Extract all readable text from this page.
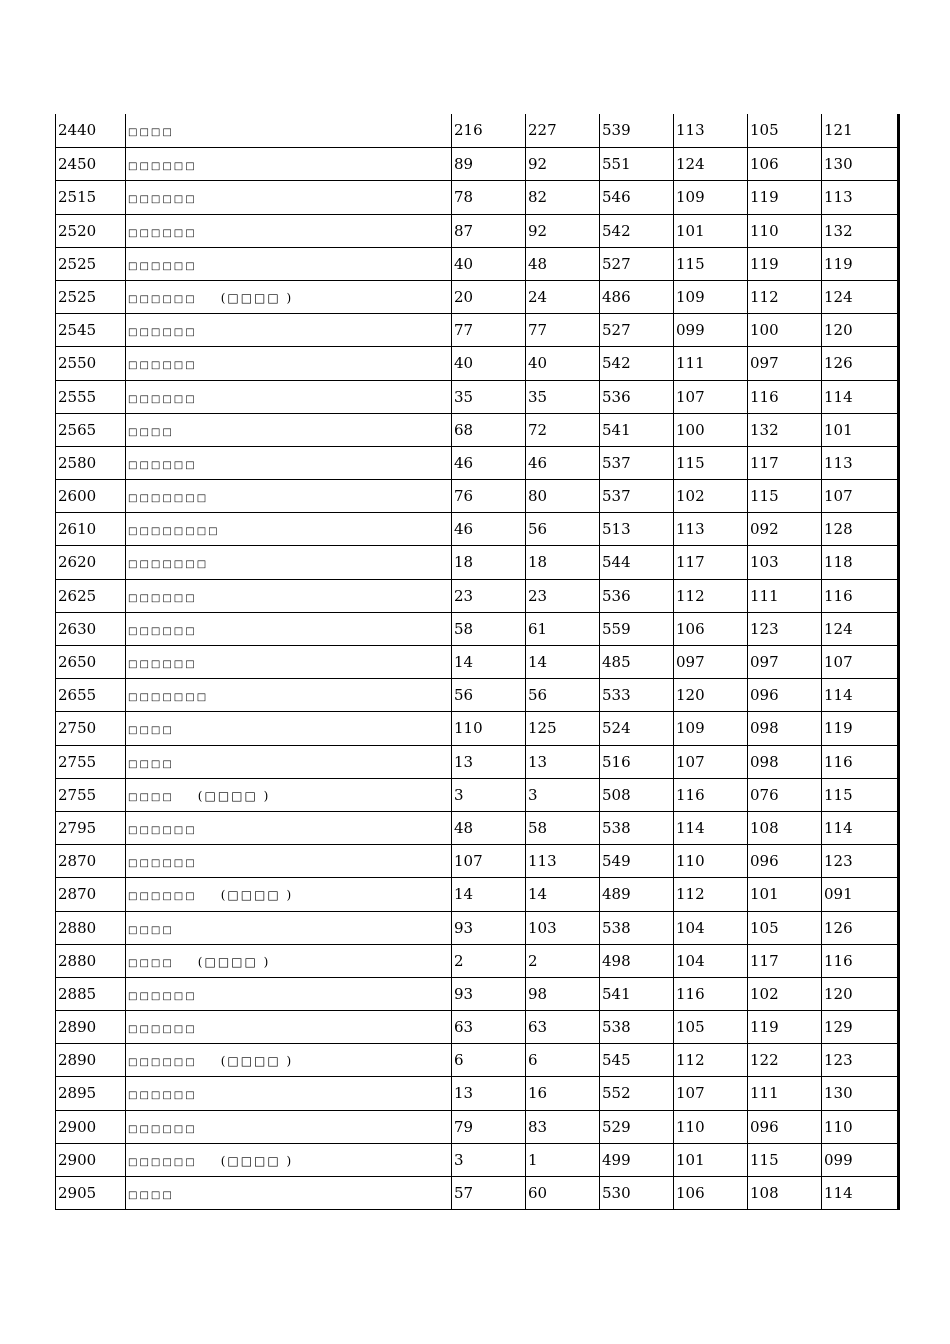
2440	□□□□	216	227	539	113	105	121
2450	□□□□□□	89	92	551	124	106	130
2515	□□□□□□	78	82	546	109	119	113
2520	□□□□□□	87	92	542	101	110	132
2525	□□□□□□	40	48	527	115	119	119
2525	□□□□□□ (□□□□ )	20	24	486	109	112	124
2545	□□□□□□	77	77	527	099	100	120
2550	□□□□□□	40	40	542	111	097	126
2555	□□□□□□	35	35	536	107	116	114
2565	□□□□	68	72	541	100	132	101
2580	□□□□□□	46	46	537	115	117	113
2600	□□□□□□□	76	80	537	102	115	107
2610	□□□□□□□□	46	56	513	113	092	128
2620	□□□□□□□	18	18	544	117	103	118
2625	□□□□□□	23	23	536	112	111	116
2630	□□□□□□	58	61	559	106	123	124
2650	□□□□□□	14	14	485	097	097	107
2655	□□□□□□□	56	56	533	120	096	114
2750	□□□□	110	125	524	109	098	119
2755	□□□□	13	13	516	107	098	116
2755	□□□□ (□□□□ )	3	3	508	116	076	115
2795	□□□□□□	48	58	538	114	108	114
2870	□□□□□□	107	113	549	110	096	123
2870	□□□□□□ (□□□□ )	14	14	489	112	101	091
2880	□□□□	93	103	538	104	105	126
2880	□□□□ (□□□□ )	2	2	498	104	117	116
2885	□□□□□□	93	98	541	116	102	120
2890	□□□□□□	63	63	538	105	119	129
2890	□□□□□□ (□□□□ )	6	6	545	112	122	123
2895	□□□□□□	13	16	552	107	111	130
2900	□□□□□□	79	83	529	110	096	110
2900	□□□□□□ (□□□□ )	3	1	499	101	115	099
2905	□□□□	57	60	530	106	108	114
